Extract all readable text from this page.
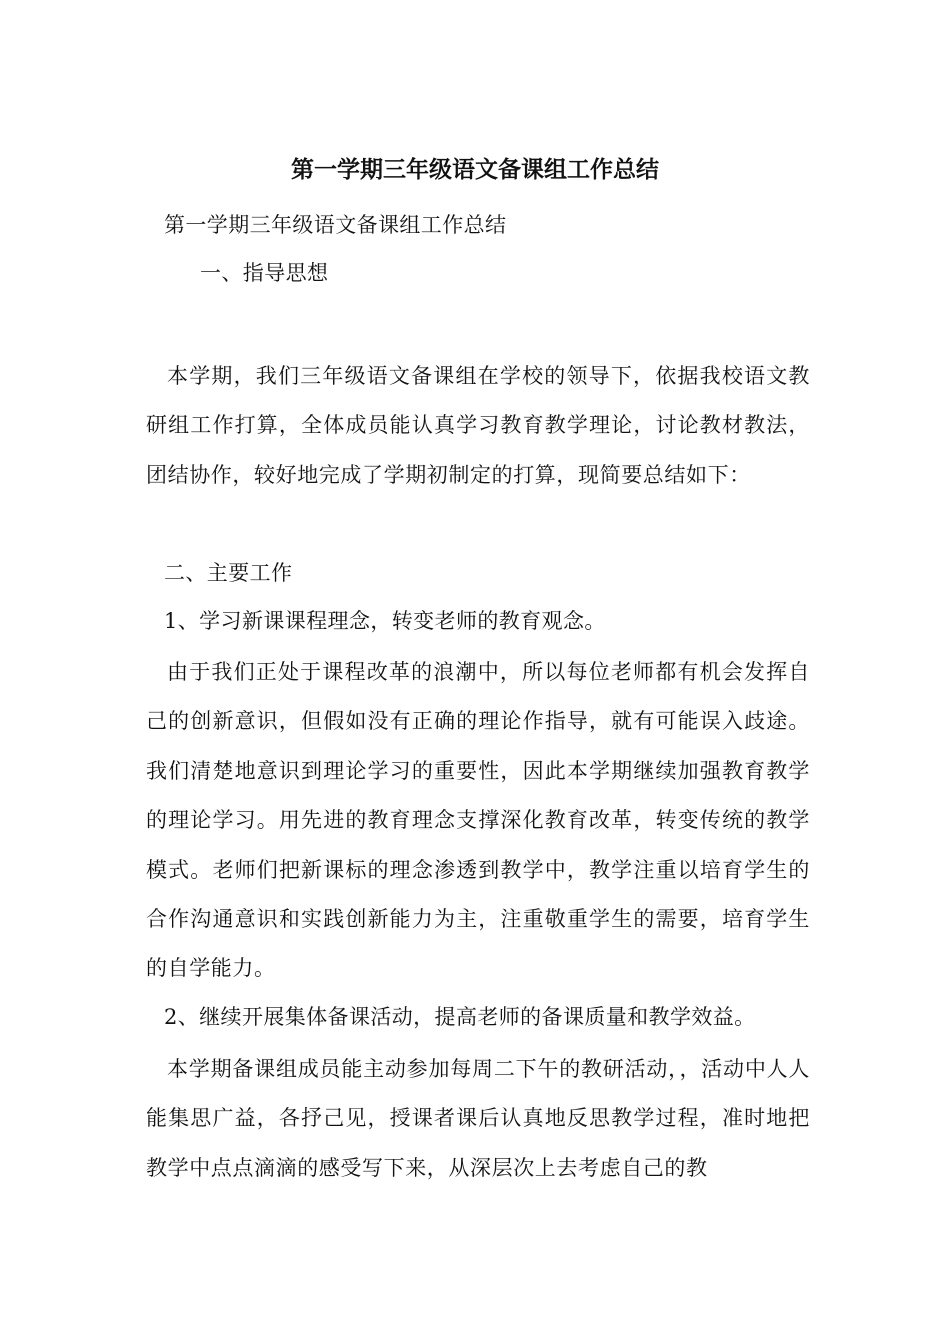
第一学期三年级语文备课组工作总结
第一学期三年级语文备课组工作总结
一、指导思想
本学期，我们三年级语文备课组在学校的领导下，依据我校语文教研组工作打算，全体成员能认真学习教育教学理论，讨论教材教法，团结协作，较好地完成了学期初制定的打算，现简要总结如下：
二、主要工作
1、学习新课课程理念，转变老师的教育观念。
由于我们正处于课程改革的浪潮中，所以每位老师都有机会发挥自己的创新意识，但假如没有正确的理论作指导，就有可能误入歧途。我们清楚地意识到理论学习的重要性，因此本学期继续加强教育教学的理论学习。用先进的教育理念支撑深化教育改革，转变传统的教学模式。老师们把新课标的理念渗透到教学中，教学注重以培育学生的合作沟通意识和实践创新能力为主，注重敬重学生的需要，培育学生的自学能力。
2、继续开展集体备课活动，提高老师的备课质量和教学效益。
本学期备课组成员能主动参加每周二下午的教研活动，，活动中人人能集思广益，各抒己见，授课者课后认真地反思教学过程，准时地把教学中点点滴滴的感受写下来，从深层次上去考虑自己的教
